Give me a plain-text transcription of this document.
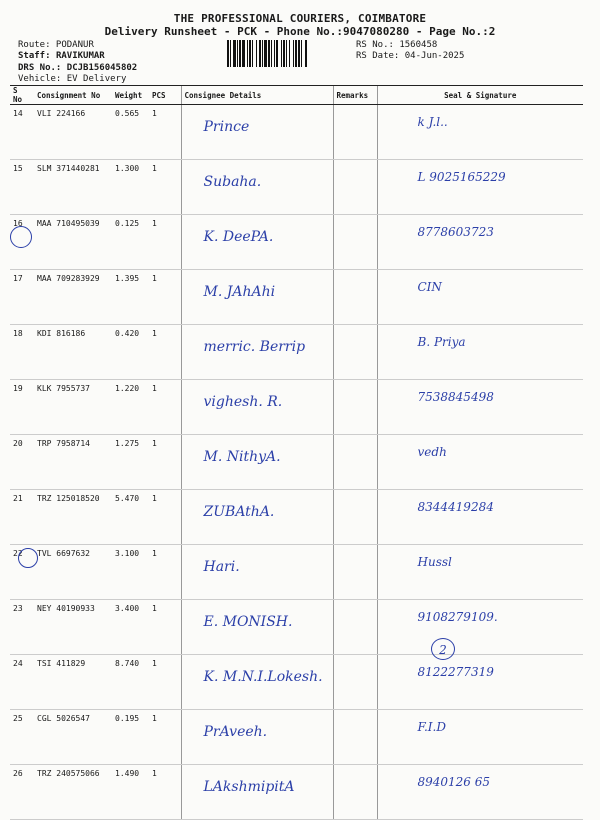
THE PROFESSIONAL COURIERS, COIMBATORE
Delivery Runsheet - PCK - Phone No.:9047080280 - Page No.:2
Route: PODANUR
Staff: RAVIKUMAR
DRS No.: DCJB156045802
Vehicle: EV Delivery
RS No.: 1560458
RS Date: 04-Jun-2025
S No	Consignment No	Weight	PCS	Consignee Details	Remarks	Seal & Signature
14	VLI 224166	0.565	1	Prince		k J.l..
15	SLM 371440281	1.300	1	Subaha.		L 9025165229
16	MAA 710495039	0.125	1	K. DeePA.		8778603723
17	MAA 709283929	1.395	1	M. JAhAhi		CIN
18	KDI 816186	0.420	1	merric. Berrip		B. Priya
19	KLK 7955737	1.220	1	vighesh. R.		7538845498
20	TRP 7958714	1.275	1	M. NithyA.		vedh
21	TRZ 125018520	5.470	1	ZUBAthA.		8344419284
22	TVL 6697632	3.100	1	Hari.		Hussl
23	NEY 40190933	3.400	1	E. MONISH.		9108279109.
24	TSI 411829	8.740	1	K. M.N.I.Lokesh.		8122277319
25	CGL 5026547	0.195	1	PrAveeh.		F.I.D
26	TRZ 240575066	1.490	1	LAkshmipitA		8940126 65
2
